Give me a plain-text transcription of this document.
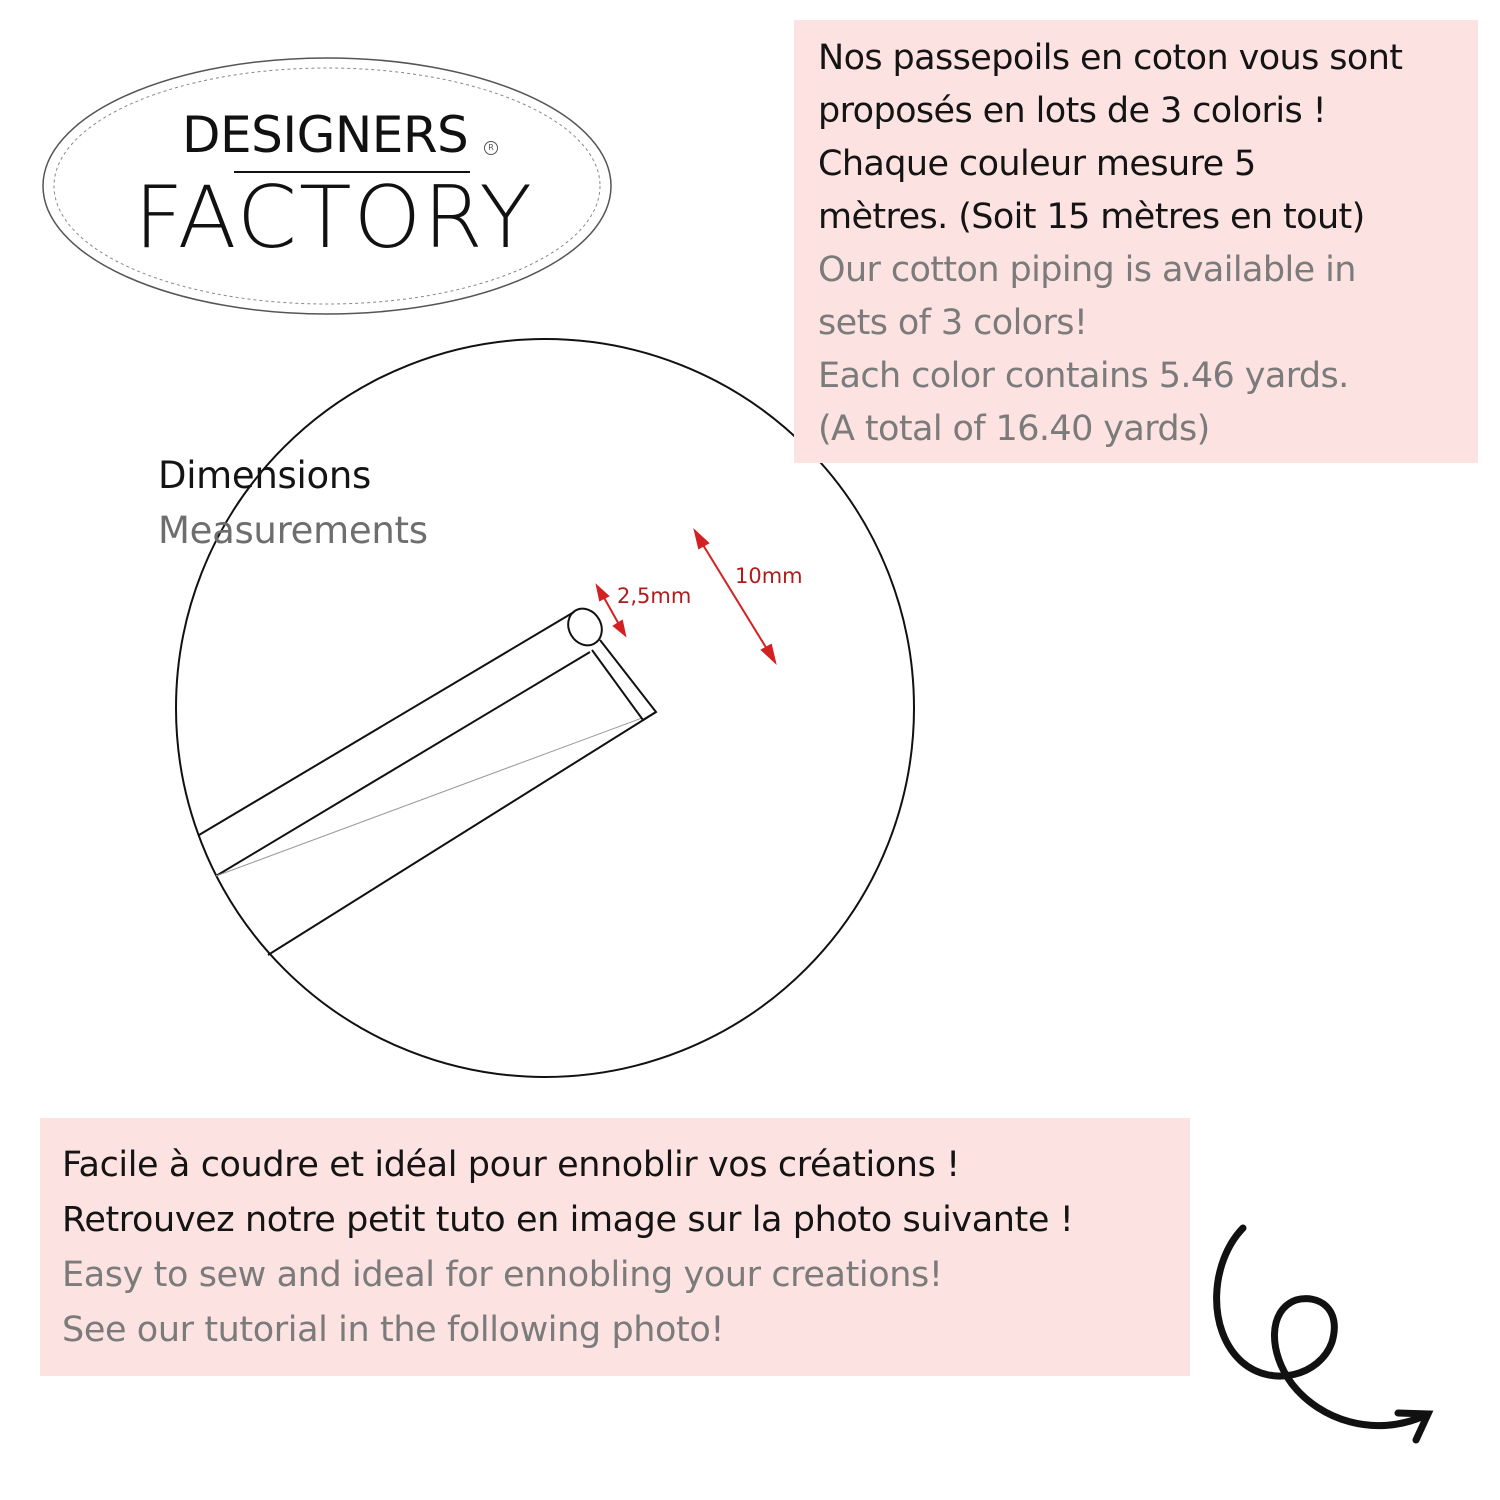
DESIGNERS	R
FACTORY

Nos passepoils en coton vous sont

proposés en lots de 3 coloris !

Chaque couleur mesure 5

mètres. (Soit 15 mètres en tout)

Our cotton piping is available in

sets of 3 colors!

Each color contains 5.46 yards.

(A total of 16.40 yards)

Dimensions
Measurements
2,5mm
10mm

Facile à coudre et idéal pour ennoblir vos créations !

Retrouvez notre petit tuto en image sur la photo suivante !

Easy to sew and ideal for ennobling your creations!

See our tutorial in the following photo!
